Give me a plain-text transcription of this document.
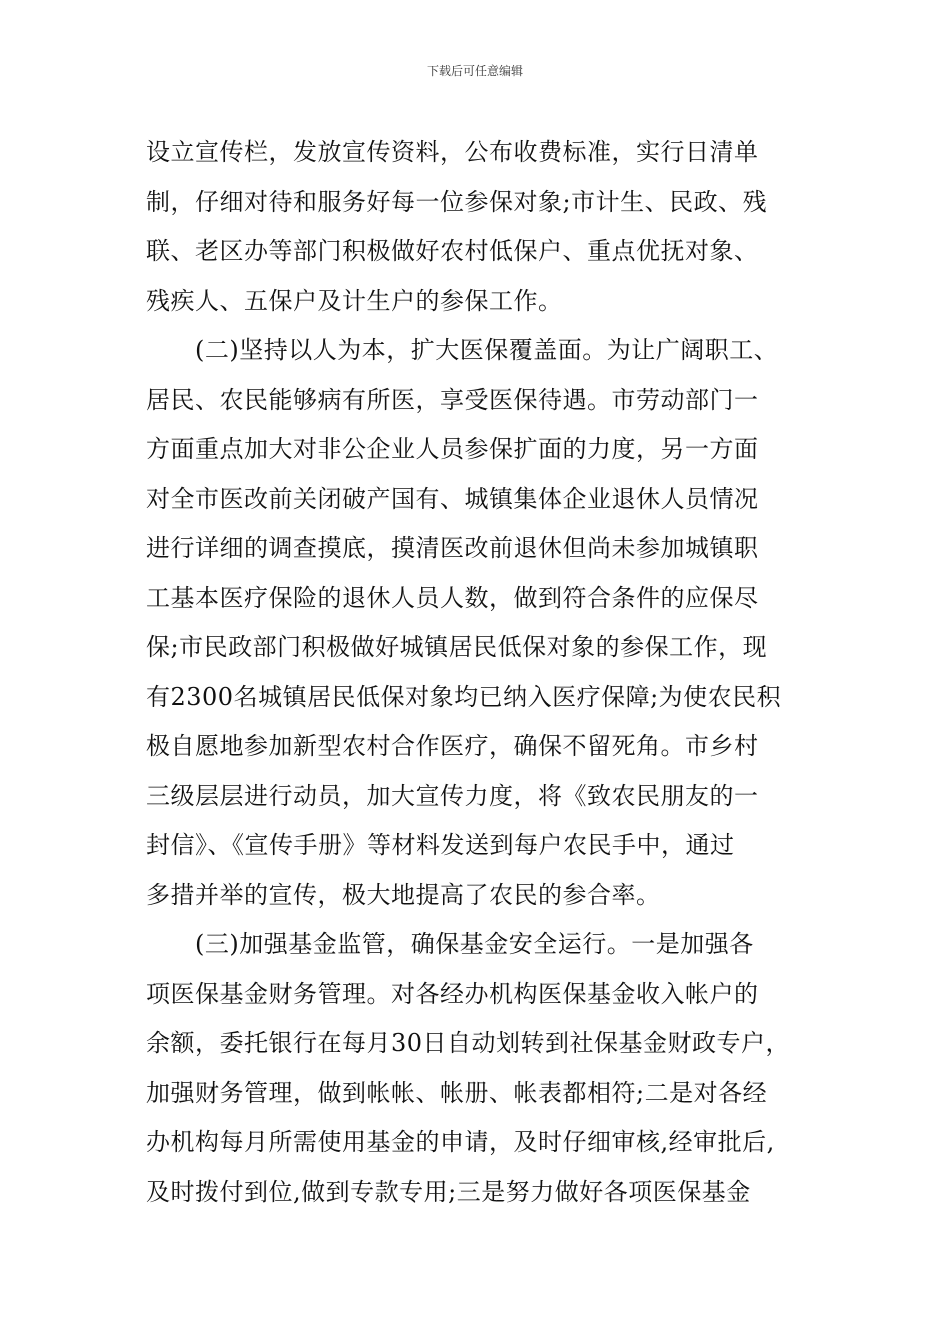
下载后可任意编辑
设立宣传栏，发放宣传资料，公布收费标准，实行日清单
制，仔细对待和服务好每一位参保对象;市计生、民政、残
联、老区办等部门积极做好农村低保户、重点优抚对象、
残疾人、五保户及计生户的参保工作。
　　(二)坚持以人为本，扩大医保覆盖面。为让广阔职工、
居民、农民能够病有所医，享受医保待遇。市劳动部门一
方面重点加大对非公企业人员参保扩面的力度，另一方面
对全市医改前关闭破产国有、城镇集体企业退休人员情况
进行详细的调查摸底，摸清医改前退休但尚未参加城镇职
工基本医疗保险的退休人员人数，做到符合条件的应保尽
保;市民政部门积极做好城镇居民低保对象的参保工作，现
有2300名城镇居民低保对象均已纳入医疗保障;为使农民积
极自愿地参加新型农村合作医疗，确保不留死角。市乡村
三级层层进行动员，加大宣传力度，将《致农民朋友的一
封信》、《宣传手册》等材料发送到每户农民手中，通过
多措并举的宣传，极大地提高了农民的参合率。
　　(三)加强基金监管，确保基金安全运行。一是加强各
项医保基金财务管理。对各经办机构医保基金收入帐户的
余额，委托银行在每月30日自动划转到社保基金财政专户，
加强财务管理，做到帐帐、帐册、帐表都相符;二是对各经
办机构每月所需使用基金的申请，及时仔细审核,经审批后,
及时拨付到位,做到专款专用;三是努力做好各项医保基金
